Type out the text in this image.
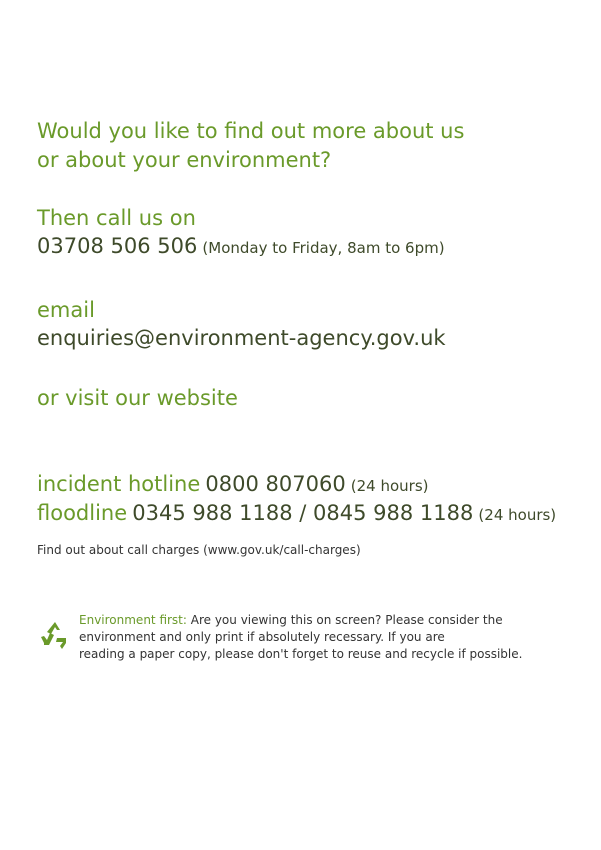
Would you like to find out more about us
or about your environment?
Then call us on
03708 506 506 (Monday to Friday, 8am to 6pm)
email
enquiries@environment-agency.gov.uk
or visit our website
incident hotline 0800 807060 (24 hours)
floodline 0345 988 1188 / 0845 988 1188 (24 hours)
Find out about call charges (www.gov.uk/call-charges)
Environment first: Are you viewing this on screen? Please consider the
environment and only print if absolutely recessary. If you are
reading a paper copy, please don't forget to reuse and recycle if possible.
